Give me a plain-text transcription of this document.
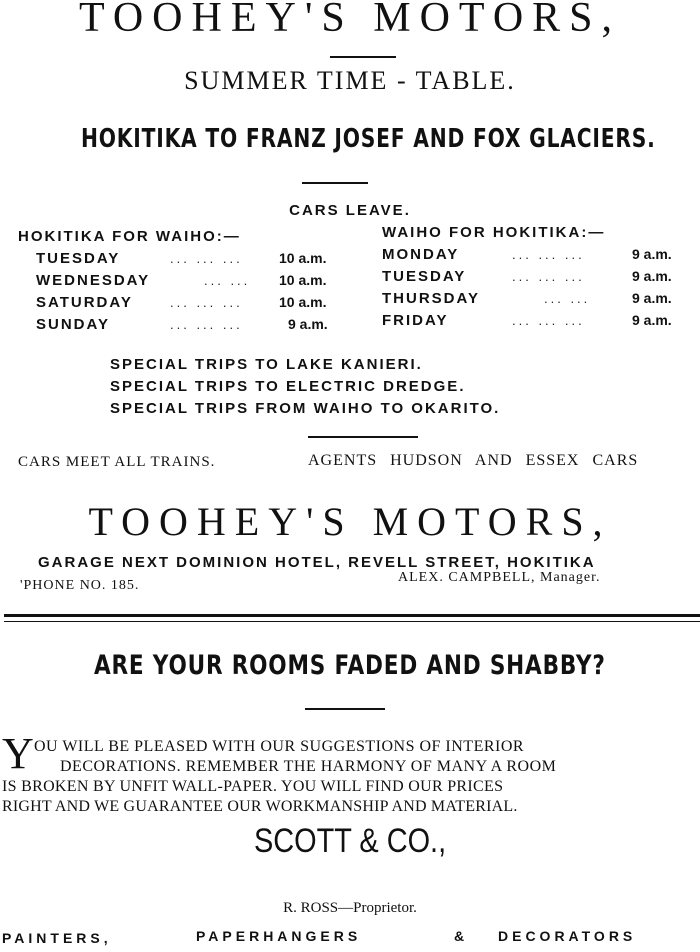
TOOHEY'S MOTORS,
SUMMER TIME - TABLE.
HOKITIKA TO FRANZ JOSEF AND FOX GLACIERS.
CARS LEAVE.
HOKITIKA FOR WAIHO:—
TUESDAY	... ... ...	10 a.m.
WEDNESDAY	... ... 10 a.m.
SATURDAY	... ... ...	10 a.m.
SUNDAY	... ... ...	9 a.m.
WAIHO FOR HOKITIKA:—
MONDAY	... ... ...	9 a.m.
TUESDAY	... ... ...	9 a.m.
THURSDAY	... ...	9 a.m.
FRIDAY	... ... ...	9 a.m.
SPECIAL TRIPS TO LAKE KANIERI.
SPECIAL TRIPS TO ELECTRIC DREDGE.
SPECIAL TRIPS FROM WAIHO TO OKARITO.
CARS MEET ALL TRAINS.	AGENTS HUDSON AND ESSEX CARS
TOOHEY'S MOTORS,
GARAGE NEXT DOMINION HOTEL, REVELL STREET, HOKITIKA
'PHONE NO. 185.
ALEX. CAMPBELL, Manager.
ARE YOUR ROOMS FADED AND SHABBY?
Y OU WILL BE PLEASED WITH OUR SUGGESTIONS OF INTERIOR
DECORATIONS. REMEMBER THE HARMONY OF MANY A ROOM
IS BROKEN BY UNFIT WALL-PAPER. YOU WILL FIND OUR PRICES
RIGHT AND WE GUARANTEE OUR WORKMANSHIP AND MATERIAL.
SCOTT & CO.,
R. ROSS—Proprietor.
PAINTERS,	PAPERHANGERS	& DECORATORS
